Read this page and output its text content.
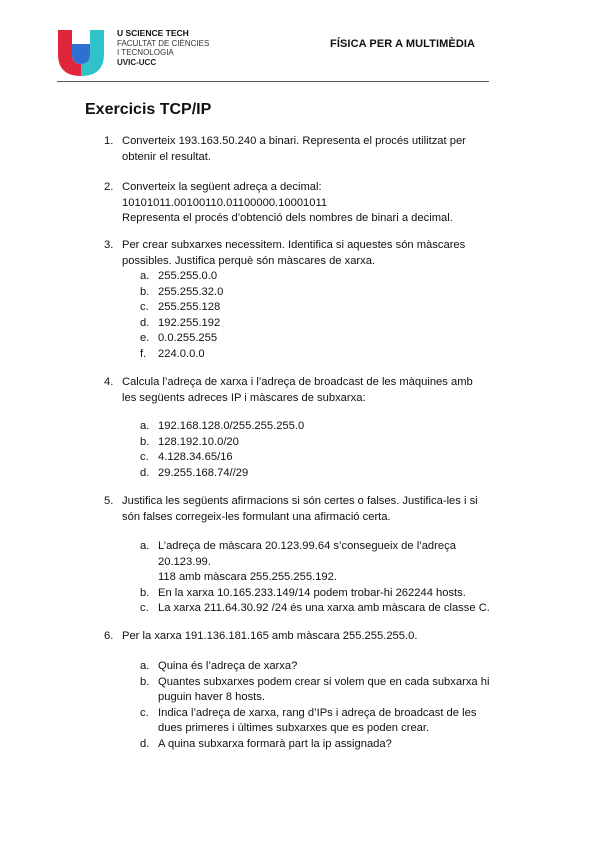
U SCIENCE TECH
FACULTAT DE CIÈNCIES
I TECNOLOGIA
UVIC-UCC
FÍSICA PER A MULTIMÈDIA
Exercicis TCP/IP
1. Converteix 193.163.50.240 a binari. Representa el procés utilitzat per
obtenir el resultat.
2. Converteix la següent adreça a decimal:
10101011.00100110.01100000.10001011
Representa el procés d’obtenció dels nombres de binari a decimal.
3. Per crear subxarxes necessitem. Identifica si aquestes són màscares
possibles. Justifica perquè són màscares de xarxa.
a. 255.255.0.0
b. 255.255.32.0
c. 255.255.128
d. 192.255.192
e. 0.0.255.255
f. 224.0.0.0
4. Calcula l’adreça de xarxa i l’adreça de broadcast de les màquines amb
les següents adreces IP i màscares de subxarxa:
a. 192.168.128.0/255.255.255.0
b. 128.192.10.0/20
c. 4.128.34.65/16
d. 29.255.168.74//29
5. Justifica les següents afirmacions si són certes o falses. Justifica-les i si
són falses corregeix-les formulant una afirmació certa.
a. L’adreça de màscara 20.123.99.64 s’consegueix de l’adreça
20.123.99.
118 amb màscara 255.255.255.192.
b. En la xarxa 10.165.233.149/14 podem trobar-hi 262244 hosts.
c. La xarxa 211.64.30.92 /24 és una xarxa amb màscara de classe C.
6. Per la xarxa 191.136.181.165 amb màscara 255.255.255.0.
a. Quina és l’adreça de xarxa?
b. Quantes subxarxes podem crear si volem que en cada subxarxa hi
puguin haver 8 hosts.
c. Indica l’adreça de xarxa, rang d’IPs i adreça de broadcast de les
dues primeres i últimes subxarxes que es poden crear.
d. A quina subxarxa formarà part la ip assignada?
